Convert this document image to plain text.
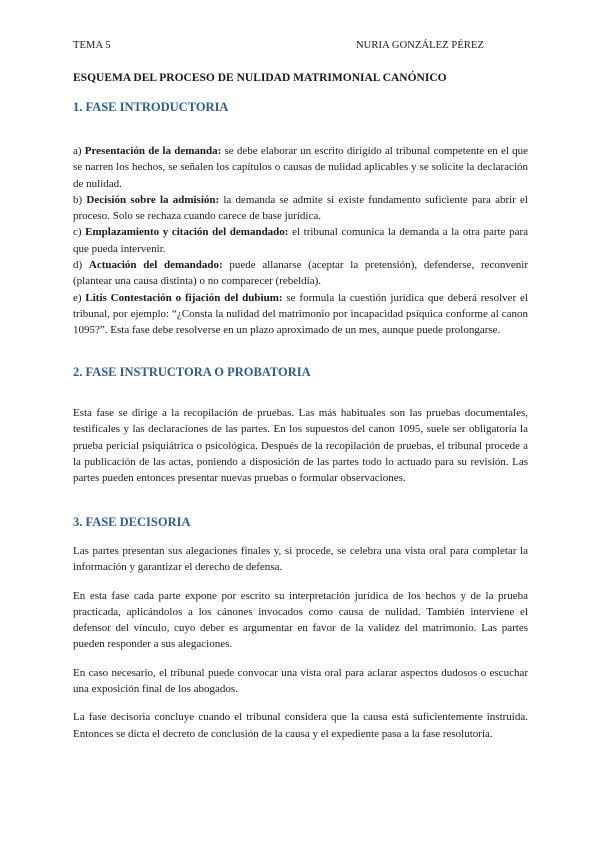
TEMA 5	NURIA GONZÁLEZ PÉREZ
ESQUEMA DEL PROCESO DE NULIDAD MATRIMONIAL CANÓNICO
1. FASE INTRODUCTORIA

a) Presentación de la demanda: se debe elaborar un escrito dirigido al tribunal competente en el que se narren los hechos, se señalen los capítulos o causas de nulidad aplicables y se solicite la declaración de nulidad.

b) Decisión sobre la admisión: la demanda se admite si existe fundamento suficiente para abrir el proceso. Solo se rechaza cuando carece de base jurídica.

c) Emplazamiento y citación del demandado: el tribunal comunica la demanda a la otra parte para que pueda intervenir.

d) Actuación del demandado: puede allanarse (aceptar la pretensión), defenderse, reconvenir (plantear una causa distinta) o no comparecer (rebeldía).

e) Litis Contestación o fijación del dubium: se formula la cuestión jurídica que deberá resolver el tribunal, por ejemplo: “¿Consta la nulidad del matrimonio por incapacidad psíquica conforme al canon 1095?”. Esta fase debe resolverse en un plazo aproximado de un mes, aunque puede prolongarse.

2. FASE INSTRUCTORA O PROBATORIA

Esta fase se dirige a la recopilación de pruebas. Las más habituales son las pruebas documentales, testificales y las declaraciones de las partes. En los supuestos del canon 1095, suele ser obligatoria la prueba pericial psiquiátrica o psicológica. Después de la recopilación de pruebas, el tribunal procede a la publicación de las actas, poniendo a disposición de las partes todo lo actuado para su revisión. Las partes pueden entonces presentar nuevas pruebas o formular observaciones.

3. FASE DECISORIA

Las partes presentan sus alegaciones finales y, si procede, se celebra una vista oral para completar la información y garantizar el derecho de defensa.

En esta fase cada parte expone por escrito su interpretación jurídica de los hechos y de la prueba practicada, aplicándolos a los cánones invocados como causa de nulidad. También interviene el defensor del vínculo, cuyo deber es argumentar en favor de la validez del matrimonio. Las partes pueden responder a sus alegaciones.

En caso necesario, el tribunal puede convocar una vista oral para aclarar aspectos dudosos o escuchar una exposición final de los abogados.

La fase decisoria concluye cuando el tribunal considera que la causa está suficientemente instruida. Entonces se dicta el decreto de conclusión de la causa y el expediente pasa a la fase resolutoria.
